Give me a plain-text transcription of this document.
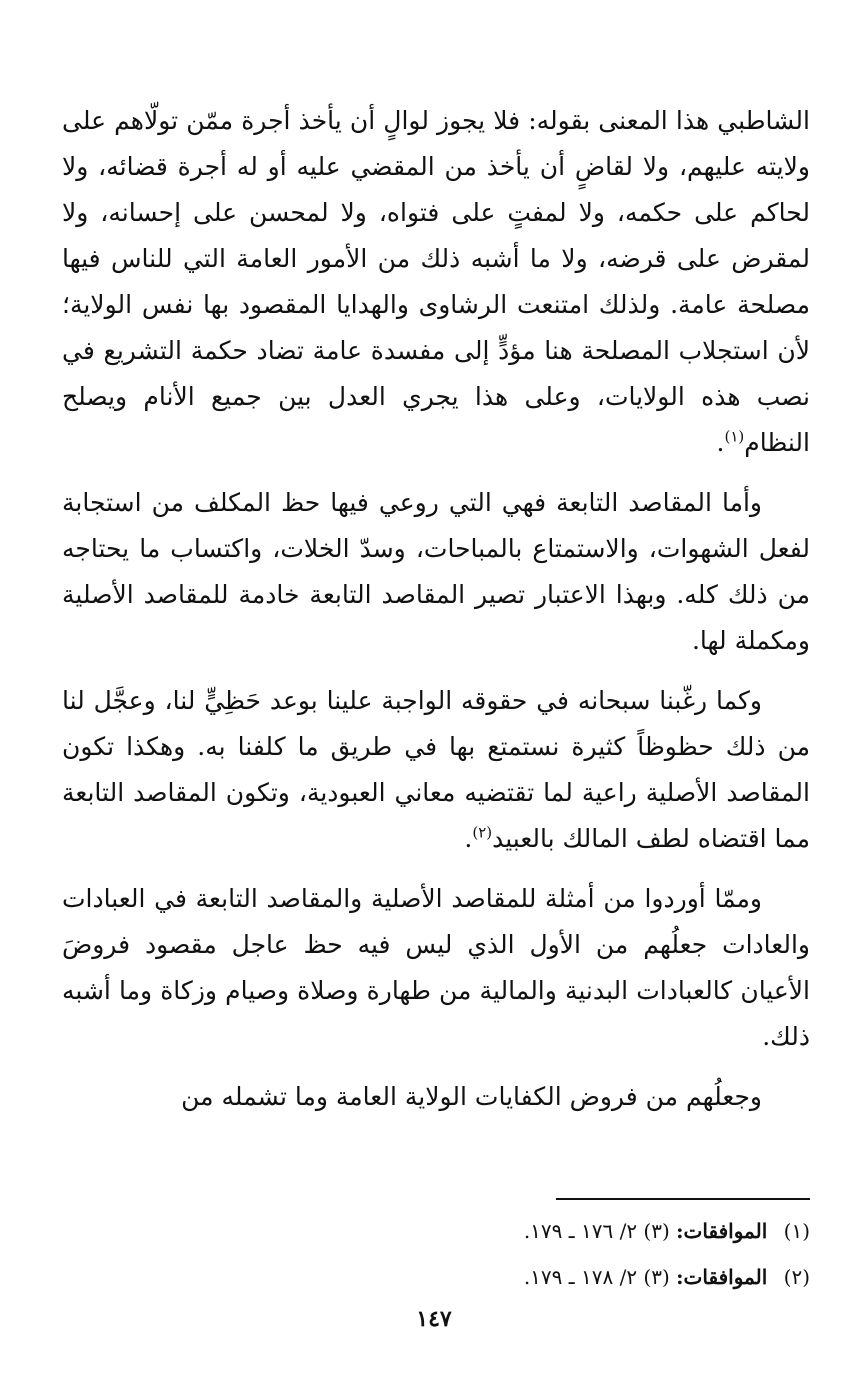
الشاطبي هذا المعنى بقوله: فلا يجوز لوالٍ أن يأخذ أجرة ممّن تولّاهم على ولايته عليهم، ولا لقاضٍ أن يأخذ من المقضي عليه أو له أجرة قضائه، ولا لحاكم على حكمه، ولا لمفتٍ على فتواه، ولا لمحسن على إحسانه، ولا لمقرض على قرضه، ولا ما أشبه ذلك من الأمور العامة التي للناس فيها مصلحة عامة. ولذلك امتنعت الرشاوى والهدايا المقصود بها نفس الولاية؛ لأن استجلاب المصلحة هنا مؤدٍّ إلى مفسدة عامة تضاد حكمة التشريع في نصب هذه الولايات، وعلى هذا يجري العدل بين جميع الأنام ويصلح النظام$^{(١)}$.

وأما المقاصد التابعة فهي التي روعي فيها حظ المكلف من استجابة لفعل الشهوات، والاستمتاع بالمباحات، وسدّ الخلات، واكتساب ما يحتاجه من ذلك كله. وبهذا الاعتبار تصير المقاصد التابعة خادمة للمقاصد الأصلية ومكملة لها.

وكما رغّبنا سبحانه في حقوقه الواجبة علينا بوعد حَظِيٍّ لنا، وعجَّل لنا من ذلك حظوظاً كثيرة نستمتع بها في طريق ما كلفنا به. وهكذا تكون المقاصد الأصلية راعية لما تقتضيه معاني العبودية، وتكون المقاصد التابعة مما اقتضاه لطف المالك بالعبيد$^{(٢)}$.

وممّا أوردوا من أمثلة للمقاصد الأصلية والمقاصد التابعة في العبادات والعادات جعلُهم من الأول الذي ليس فيه حظ عاجل مقصود فروضَ الأعيان كالعبادات البدنية والمالية من طهارة وصلاة وصيام وزكاة وما أشبه ذلك.

وجعلُهم من فروض الكفايات الولاية العامة وما تشمله من

(١) الموافقات: (٣) ٢/ ١٧٦ ـ ١٧٩.
(٢) الموافقات: (٣) ٢/ ١٧٨ ـ ١٧٩.
١٤٧
